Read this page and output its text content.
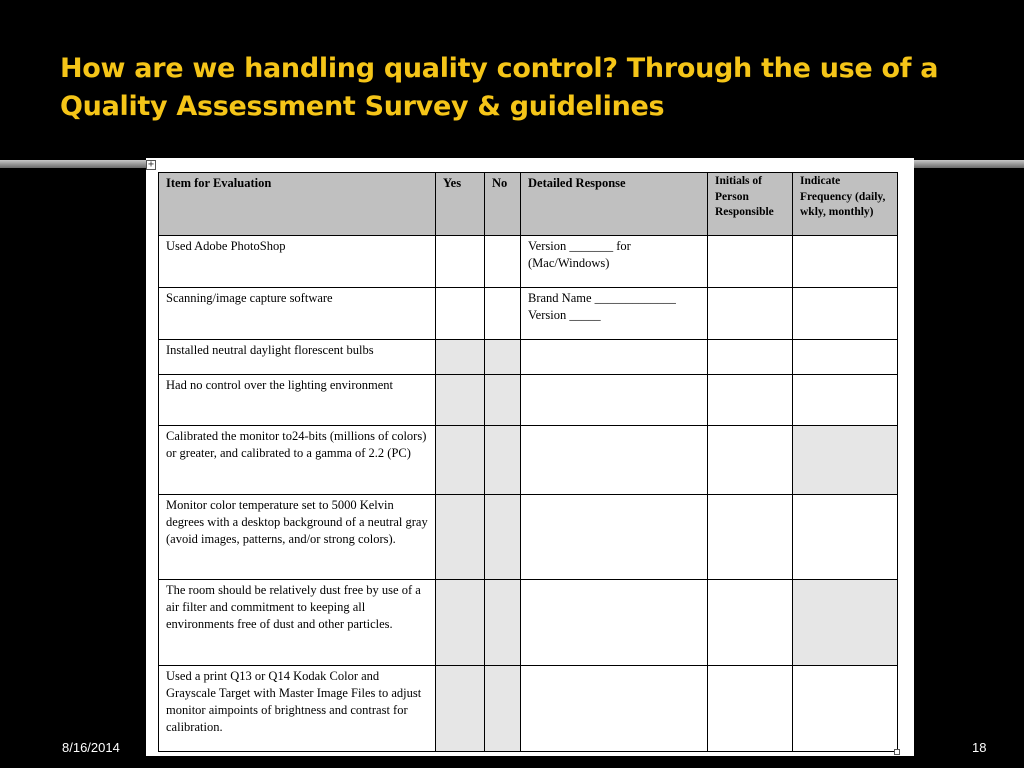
How are we handling quality control? Through the use of a Quality Assessment Survey & guidelines
+
Item for Evaluation	Yes	No	Detailed Response	Initials of Person Responsible	Indicate Frequency (daily, wkly, monthly)
Used Adobe PhotoShop			Version _______ for (Mac/Windows)		
Scanning/image capture software			Brand Name _____________ Version _____		
Installed neutral daylight florescent bulbs					
Had no control over the lighting environment					
Calibrated the monitor to24-bits (millions of colors) or greater, and calibrated to a gamma of 2.2 (PC)					
Monitor color temperature set to 5000 Kelvin degrees with a desktop background of a neutral gray (avoid images, patterns, and/or strong colors).					
The room should be relatively dust free by use of a air filter and commitment to keeping all environments free of dust and other particles.					
Used a print Q13 or Q14 Kodak Color and Grayscale Target with Master Image Files to adjust monitor aimpoints of brightness and contrast for calibration.					
8/16/2014	18
